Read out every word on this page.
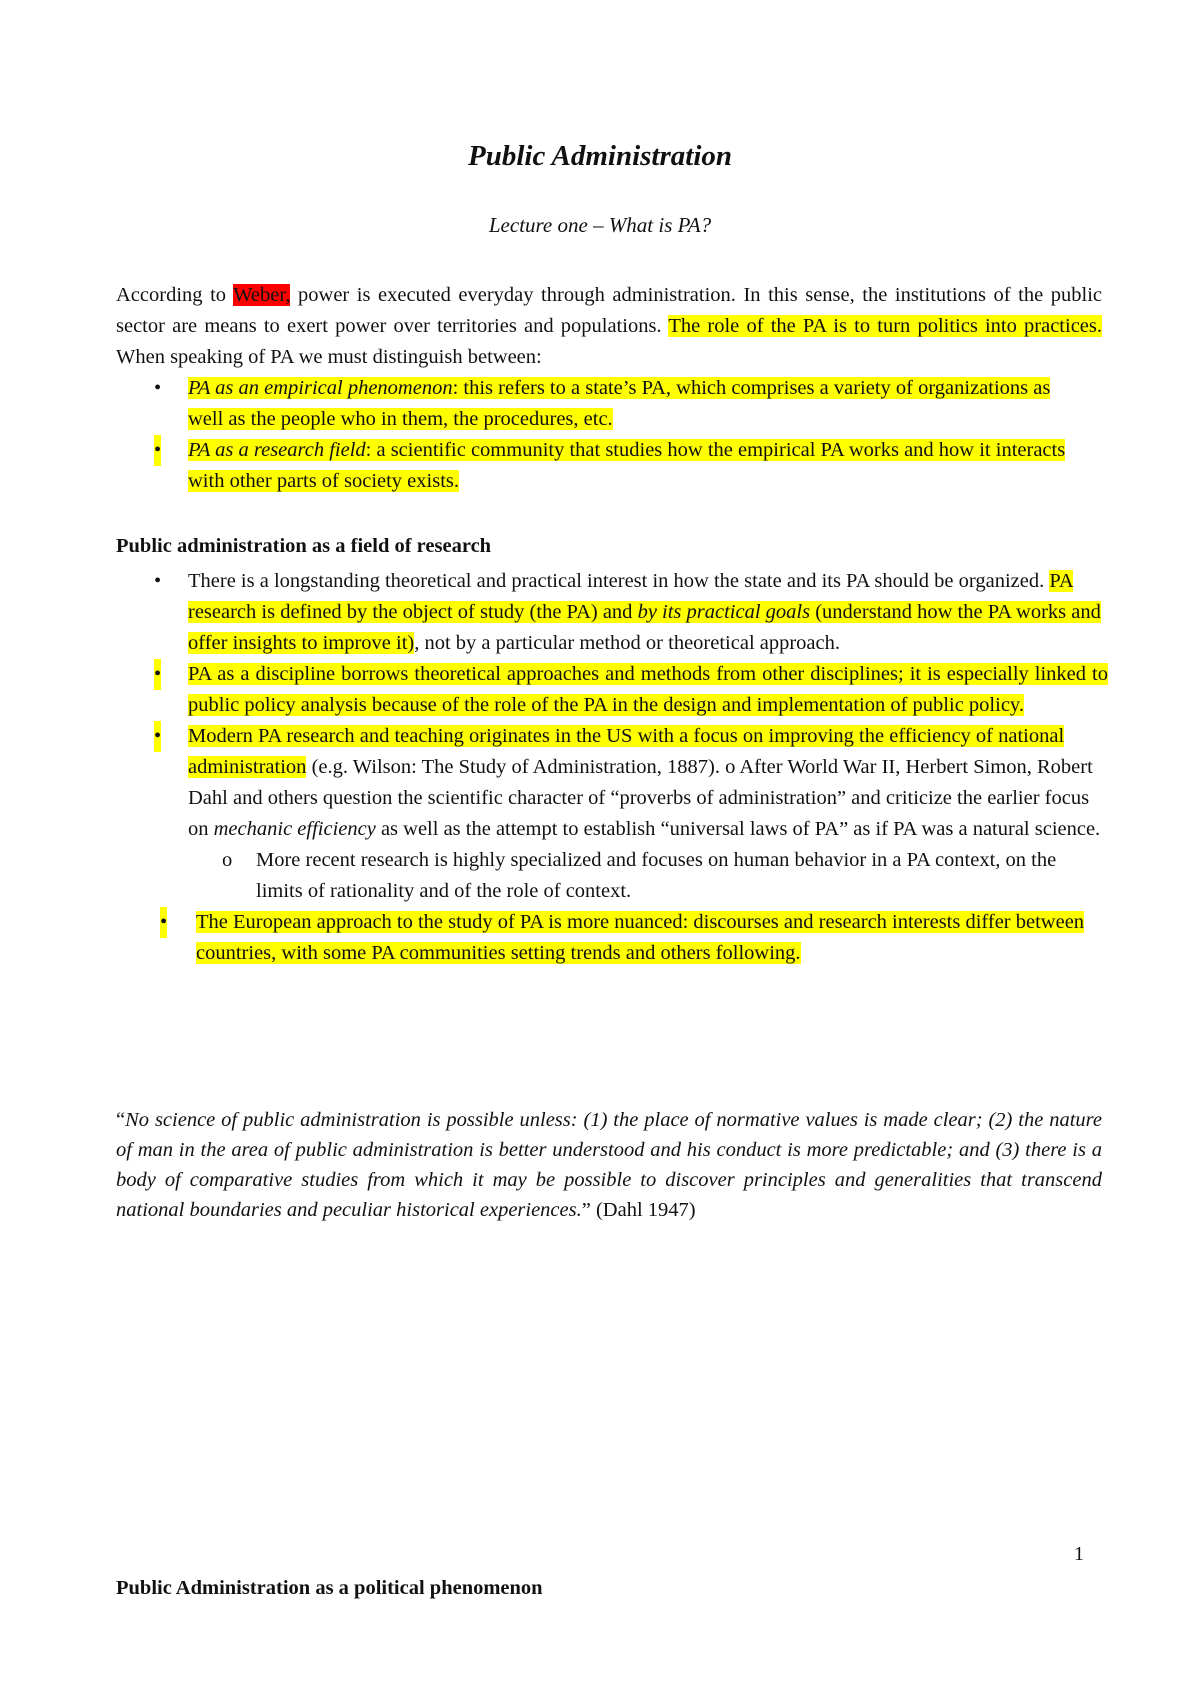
Public Administration
Lecture one – What is PA?

According to Weber, power is executed everyday through administration. In this sense, the institutions of the public sector are means to exert power over territories and populations. The role of the PA is to turn politics into practices. When speaking of PA we must distinguish between:

• PA as an empirical phenomenon: this refers to a state’s PA, which comprises a variety of organizations as well as the people who in them, the procedures, etc.
• PA as a research field: a scientific community that studies how the empirical PA works and how it interacts with other parts of society exists.
Public administration as a field of research
• There is a longstanding theoretical and practical interest in how the state and its PA should be organized. PA research is defined by the object of study (the PA) and by its practical goals (understand how the PA works and offer insights to improve it), not by a particular method or theoretical approach.
• PA as a discipline borrows theoretical approaches and methods from other disciplines; it is especially linked to public policy analysis because of the role of the PA in the design and implementation of public policy.
• Modern PA research and teaching originates in the US with a focus on improving the efficiency of national administration (e.g. Wilson: The Study of Administration, 1887). o After World War II, Herbert Simon, Robert Dahl and others question the scientific character of “proverbs of administration” and criticize the earlier focus on mechanic efficiency as well as the attempt to establish “universal laws of PA” as if PA was a natural science.
o More recent research is highly specialized and focuses on human behavior in a PA context, on the limits of rationality and of the role of context.
• The European approach to the study of PA is more nuanced: discourses and research interests differ between countries, with some PA communities setting trends and others following.

“No science of public administration is possible unless: (1) the place of normative values is made clear; (2) the nature of man in the area of public administration is better understood and his conduct is more predictable; and (3) there is a body of comparative studies from which it may be possible to discover principles and generalities that transcend national boundaries and peculiar historical experiences.” (Dahl 1947)

1
Public Administration as a political phenomenon
